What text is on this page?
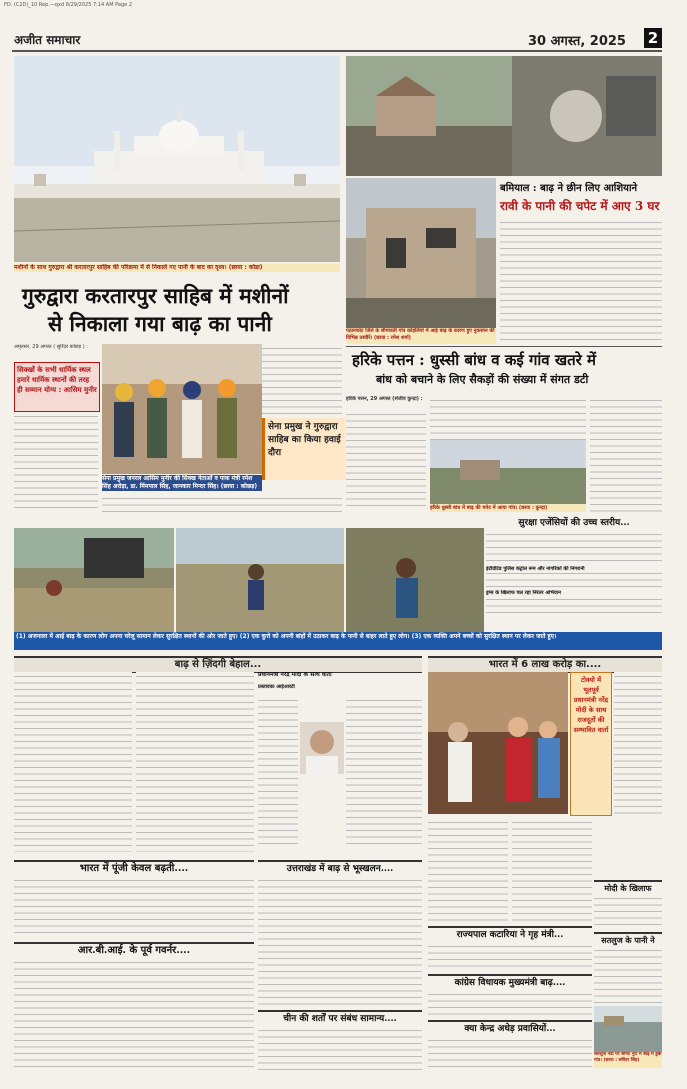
FD. (C2D)_10 Rep.—qxd 8/29/2025 7:14 AM Page 2
अजीत समाचार	30 अगस्त, 2025 2
मशीनों के साथ गुरुद्वारा श्री करतारपुर साहिब की परिक्रमा में से निकाले गए पानी के बाद का दृश्य। (छाया : कोडा)
गुरुद्वारा करतारपुर साहिब में मशीनों
से निकाला गया बाढ़ का पानी
अमृतसर, 29 अगस्त ( सुरिंदर कोछड़ ) :
सिक्खों के सभी धार्मिक स्थल हमारे धार्मिक स्थानों की तरह ही सम्मान योग्य : आसिम मुनीर
सेना प्रमुख जनरल आसिम मुनीर की सिक्ख नेताओं व पाक मंत्री रमेश सिंह अरोड़ा, डा. मिंमपाल सिंह, जानकार मिन्दर सिंह। (छाया : कोछड़)
सेना प्रमुख ने गुरुद्वारा साहिब का किया हवाई दौरा
पठानकोट जिले के सीमावर्ती गांव कोहलियां में आई बाढ़ के कारण हुए नुकसान की विभिन्न तस्वीरें। (छाया : रमेश शर्मा)
बमियाल : बाढ़ ने छीन लिए आशियाने
रावी के पानी की चपेट में आए 3 घर
हरिके पत्तन : धुस्सी बांध व कई गांव खतरे में
बांध को बचाने के लिए सैकड़ों की संख्या में संगत डटी
हरिके पत्तन, 29 अगस्त (संजीव कुन्द्रा) :
हरिके धुस्सी बांध में बाढ़ की चपेट में आया गांव। (छाया : कुन्द्रा)
सुरक्षा एजेंसियों की उच्च स्तरीय...
इंटीग्रेटिड पुलिस कंट्रोल रूम और नागरिकों की निगरानी
ड्रग्स के खिलाफ चल रहा निरंतर अभियान
(1) अजनाला में आई बाढ़ के कारण लोग अपना घरेलू सामान लेकर सुरक्षित स्थानों की ओर जाते हुए। (2) एक कुत्ते को अपनी बांहों में उठाकर बाढ़ के पानी से बाहर लाते हुए लोग। (3) एक व्यक्ति अपने बच्चों को सुरक्षित स्थान पर लेकर जाते हुए।
बाढ़ से ज़िंदगी बेहाल...
प्रधानमंत्री नरेंद्र मोदी के साथ वार्ता
प्रस्तावकः आईआरटी
भारत में पूंजी केवल बढ़ती....	उत्तराखंड में बाढ़ से भूस्खलन....
आर.बी.आई. के पूर्व गवर्नर....
चीन की शर्तों पर संबंध सामान्य....
भारत में 6 लाख करोड़ का....
टोक्यो में भूतपूर्व प्रधानमंत्री नरेंद्र मोदी के साथ राजदूतों की सम्भावित वार्ता
मोदी के खिलाफ
राज्यपाल कटारिया ने गृह मंत्री...	सतलुज के पानी ने
कांग्रेस विधायक मुख्यमंत्री बाढ़....
क्या केन्द्र अधेड़ प्रवासियों...
सतलुज नदी पर सीमेंट नुरा में बाढ़ में डुबा गांव। (छाया : रुबिंदर सिंह)
